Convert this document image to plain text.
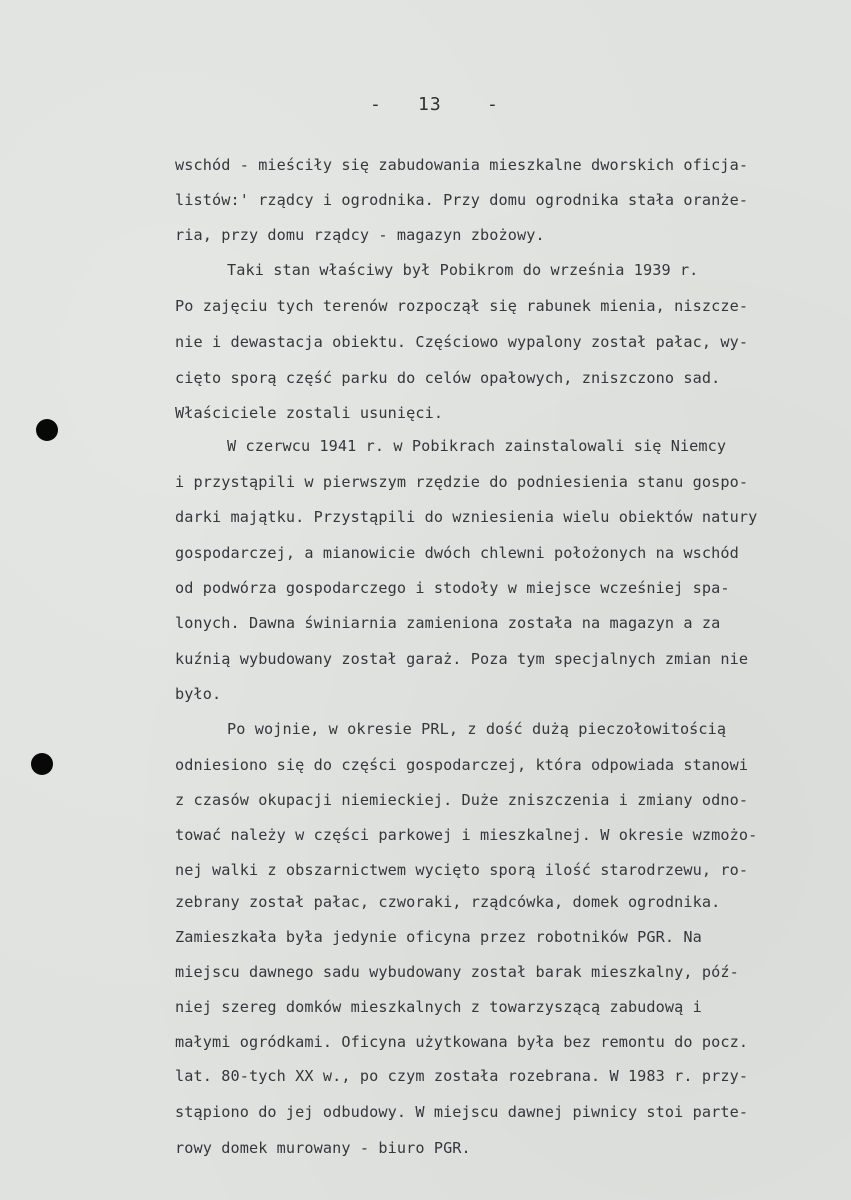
- 13	-

wschód - mieściły się zabudowania mieszkalne dworskich oficja-

listów:' rządcy i ogrodnika. Przy domu ogrodnika stała oranże-

ria, przy domu rządcy - magazyn zbożowy.

Taki stan właściwy był Pobikrom do września 1939 r.

Po zajęciu tych terenów rozpoczął się rabunek mienia, niszcze-

nie i dewastacja obiektu. Częściowo wypalony został pałac, wy-

cięto sporą część parku do celów opałowych, zniszczono sad.

Właściciele zostali usunięci.

W czerwcu 1941 r. w Pobikrach zainstalowali się Niemcy

i przystąpili w pierwszym rzędzie do podniesienia stanu gospo-

darki majątku. Przystąpili do wzniesienia wielu obiektów natury

gospodarczej, a mianowicie dwóch chlewni położonych na wschód

od podwórza gospodarczego i stodoły w miejsce wcześniej spa-

lonych. Dawna świniarnia zamieniona została na magazyn a za

kuźnią wybudowany został garaż. Poza tym specjalnych zmian nie

było.

Po wojnie, w okresie PRL, z dość dużą pieczołowitością

odniesiono się do części gospodarczej, która odpowiada stanowi

z czasów okupacji niemieckiej. Duże zniszczenia i zmiany odno-

tować należy w części parkowej i mieszkalnej. W okresie wzmożo-

nej walki z obszarnictwem wycięto sporą ilość starodrzewu, ro-

zebrany został pałac, czworaki, rządcówka, domek ogrodnika.

Zamieszkała była jedynie oficyna przez robotników PGR. Na

miejscu dawnego sadu wybudowany został barak mieszkalny, póź-

niej szereg domków mieszkalnych z towarzyszącą zabudową i

małymi ogródkami. Oficyna użytkowana była bez remontu do pocz.

lat. 80-tych XX w., po czym została rozebrana. W 1983 r. przy-

stąpiono do jej odbudowy. W miejscu dawnej piwnicy stoi parte-

rowy domek murowany - biuro PGR.
